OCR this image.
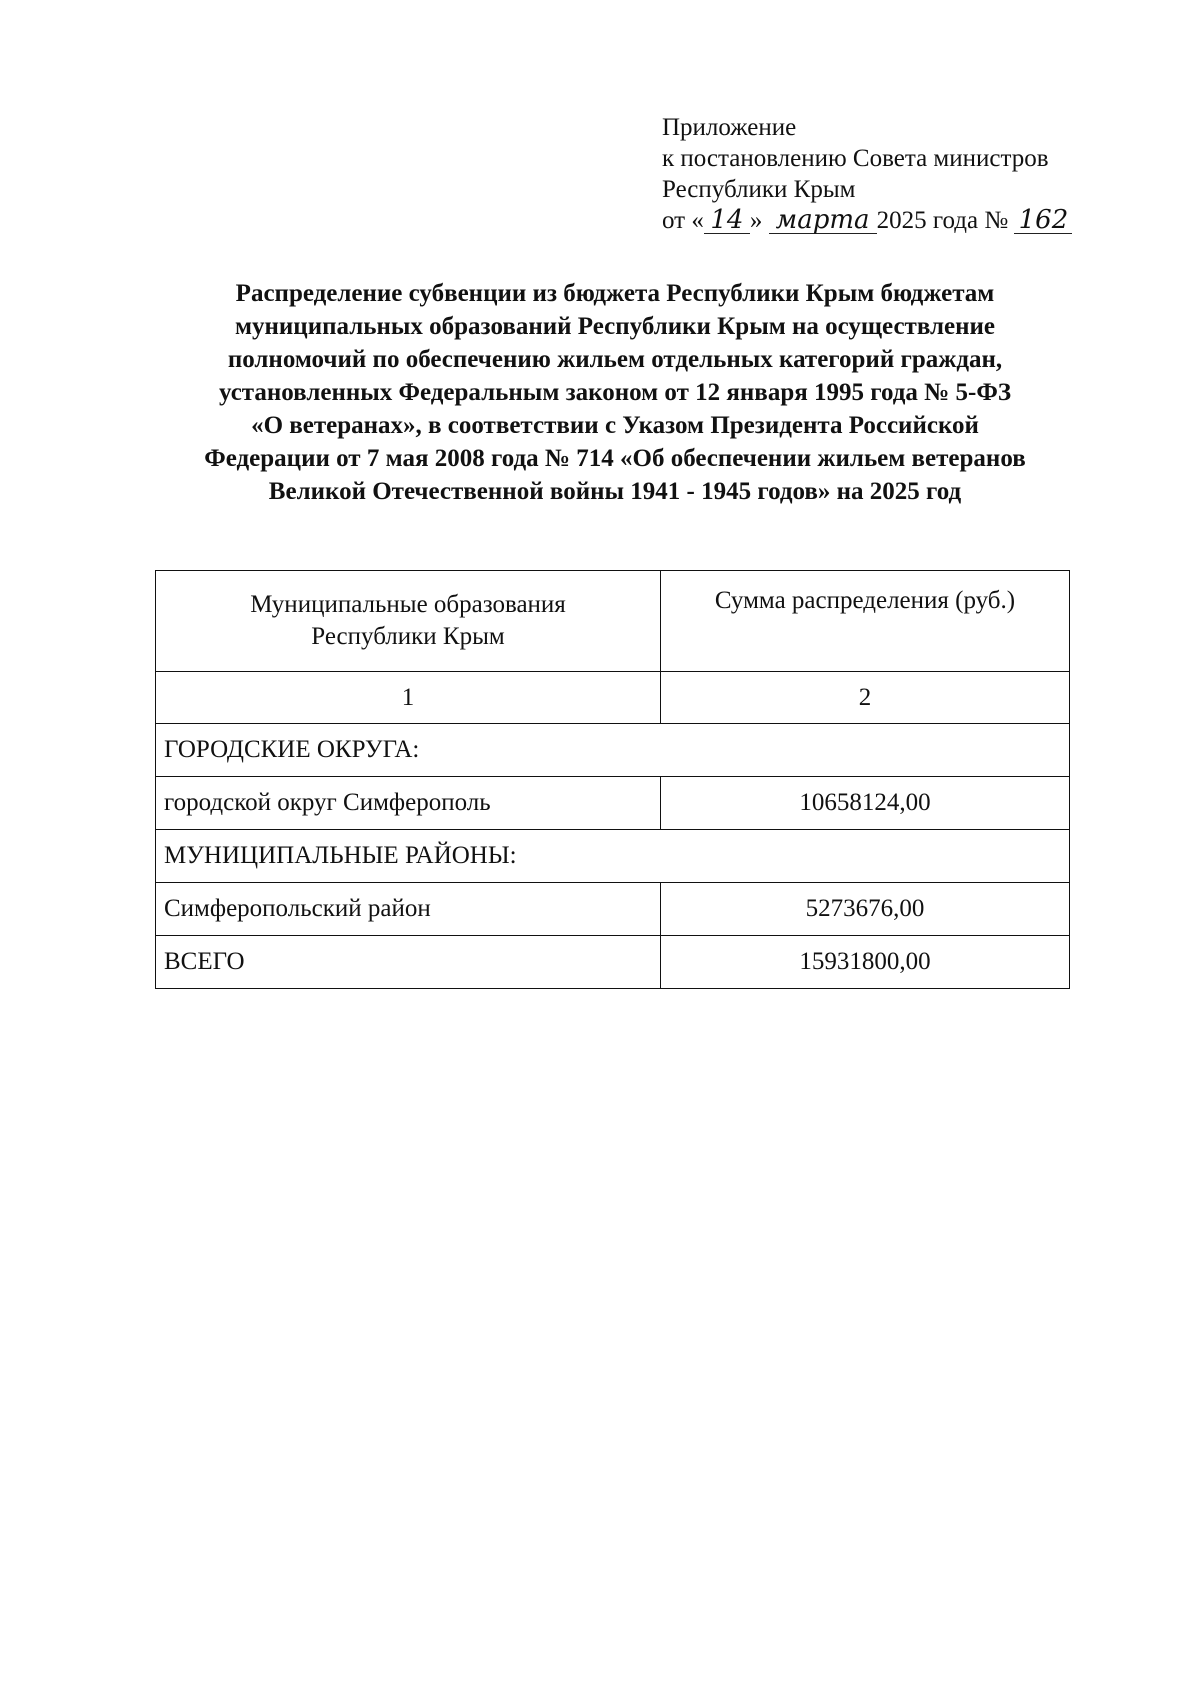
Приложение
к постановлению Совета министров
Республики Крым
от « 14 » марта 2025 года № 162
Распределение субвенции из бюджета Республики Крым бюджетам
муниципальных образований Республики Крым на осуществление
полномочий по обеспечению жильем отдельных категорий граждан,
установленных Федеральным законом от 12 января 1995 года № 5-ФЗ
«О ветеранах», в соответствии с Указом Президента Российской
Федерации от 7 мая 2008 года № 714 «Об обеспечении жильем ветеранов
Великой Отечественной войны 1941 - 1945 годов» на 2025 год
Муниципальные образования
Республики Крым	Сумма распределения (руб.)
1	2
ГОРОДСКИЕ ОКРУГА:	
городской округ Симферополь	10658124,00
МУНИЦИПАЛЬНЫЕ РАЙОНЫ:	
Симферопольский район	5273676,00
ВСЕГО	15931800,00
